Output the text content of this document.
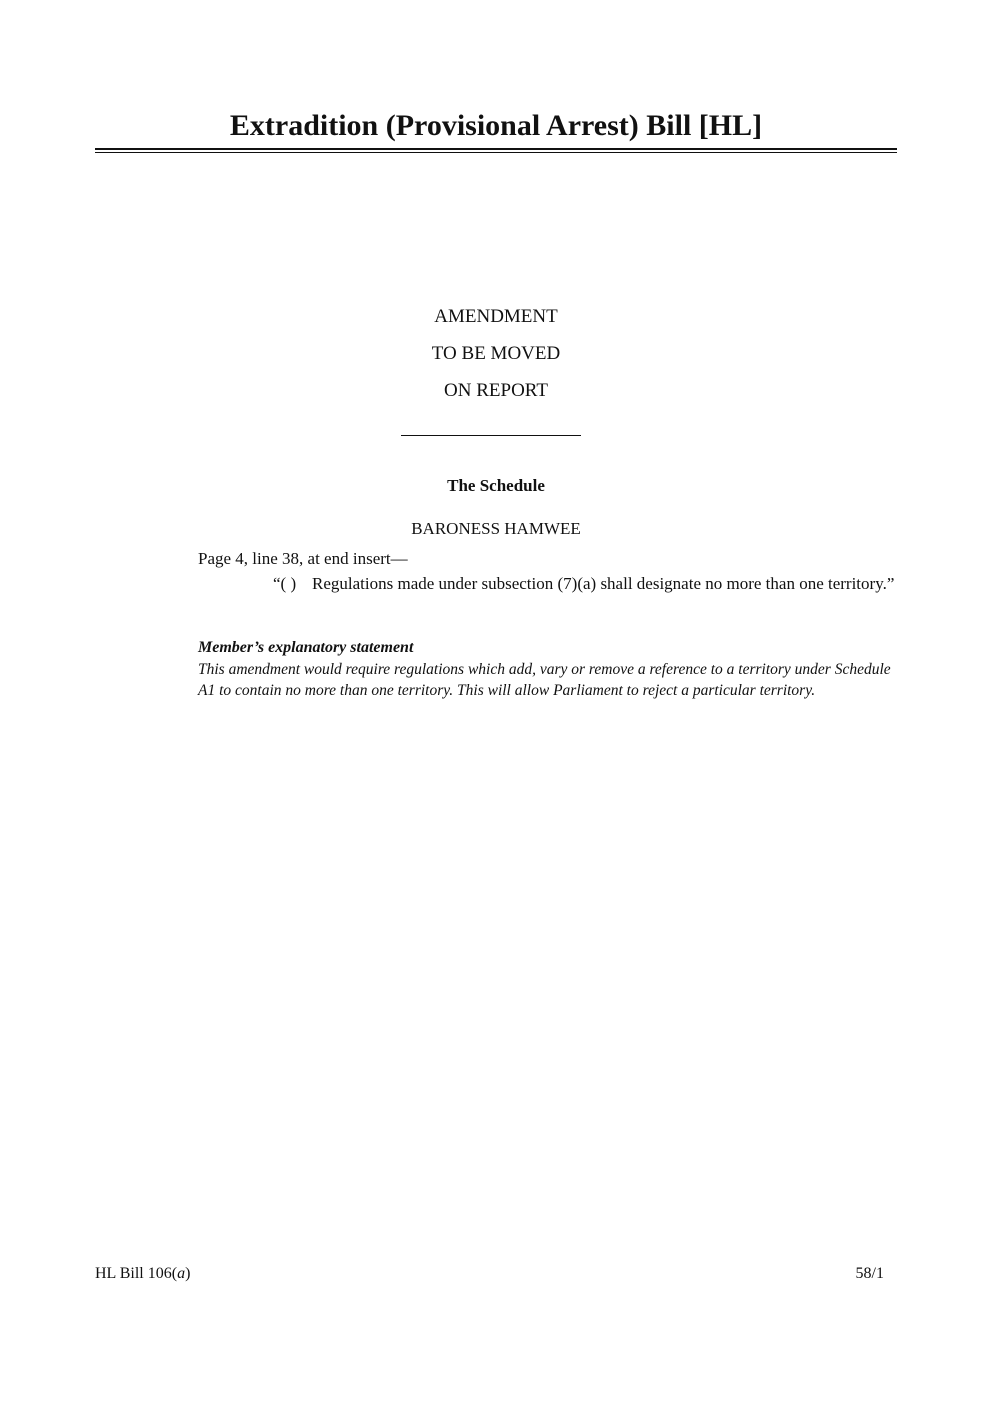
Extradition (Provisional Arrest) Bill [HL]
AMENDMENT
TO BE MOVED
ON REPORT
The Schedule
BARONESS HAMWEE
Page 4, line 38, at end insert—
“( ) Regulations made under subsection (7)(a) shall designate no more than one territory.”
Member’s explanatory statement
This amendment would require regulations which add, vary or remove a reference to a territory under Schedule A1 to contain no more than one territory. This will allow Parliament to reject a particular territory.
HL Bill 106(a)	58/1
